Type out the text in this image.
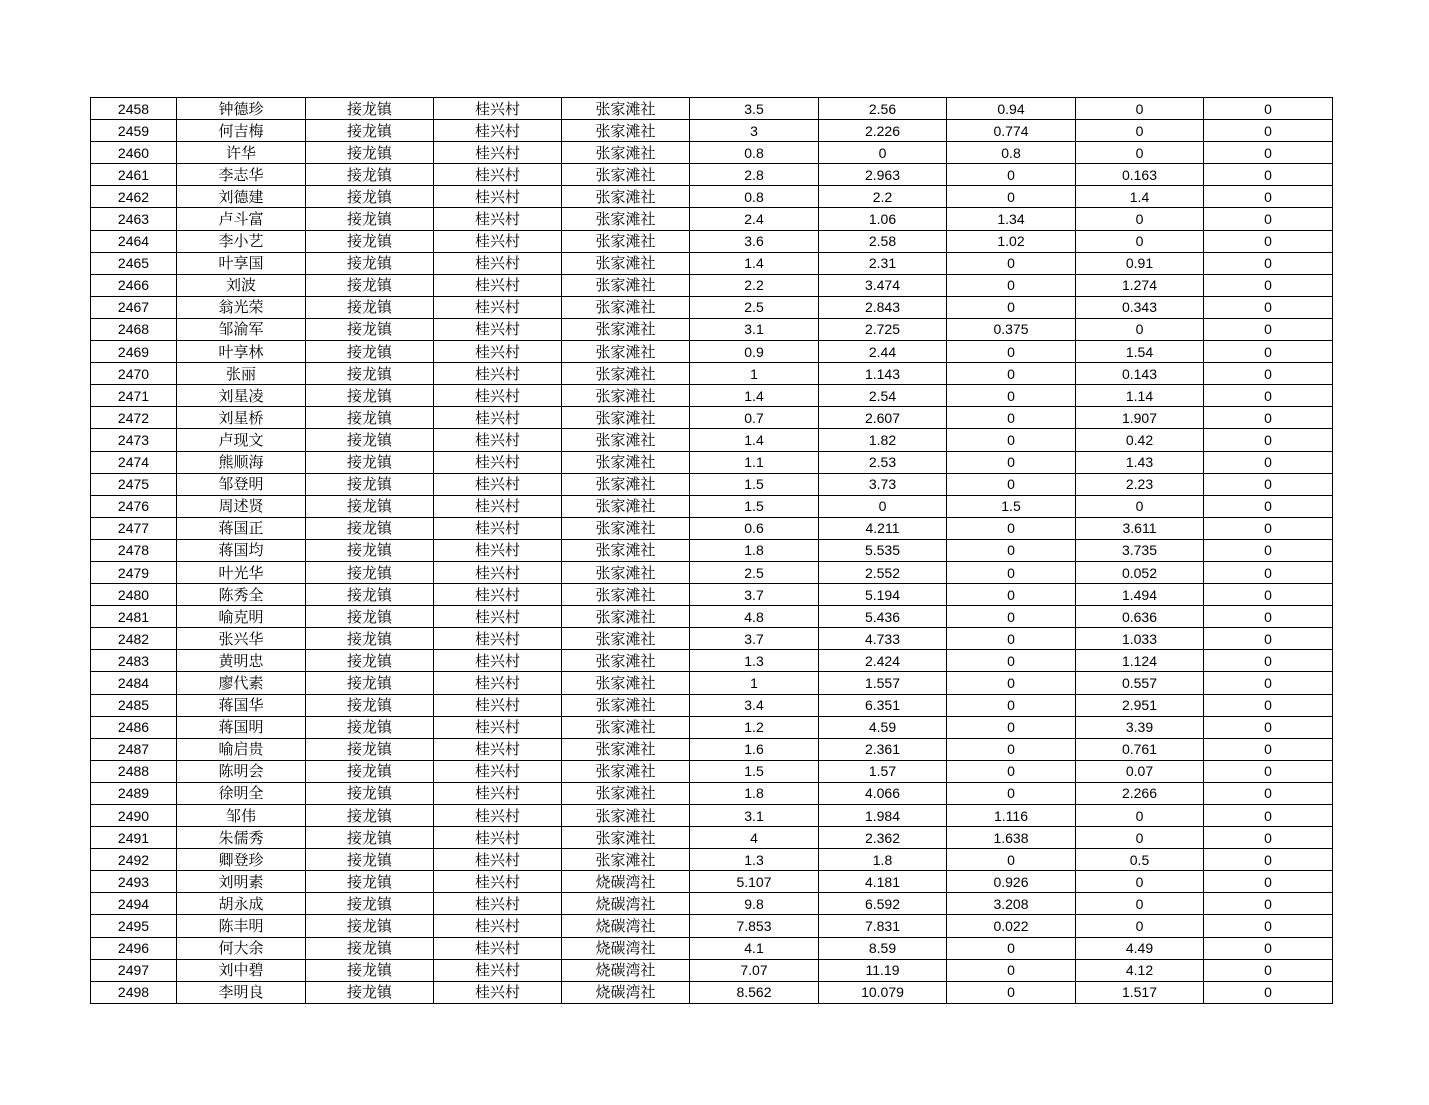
2458	钟德珍	接龙镇	桂兴村	张家滩社	3.5	2.56	0.94	0	0
2459	何吉梅	接龙镇	桂兴村	张家滩社	3	2.226	0.774	0	0
2460	许华	接龙镇	桂兴村	张家滩社	0.8	0	0.8	0	0
2461	李志华	接龙镇	桂兴村	张家滩社	2.8	2.963	0	0.163	0
2462	刘德建	接龙镇	桂兴村	张家滩社	0.8	2.2	0	1.4	0
2463	卢斗富	接龙镇	桂兴村	张家滩社	2.4	1.06	1.34	0	0
2464	李小艺	接龙镇	桂兴村	张家滩社	3.6	2.58	1.02	0	0
2465	叶享国	接龙镇	桂兴村	张家滩社	1.4	2.31	0	0.91	0
2466	刘波	接龙镇	桂兴村	张家滩社	2.2	3.474	0	1.274	0
2467	翁光荣	接龙镇	桂兴村	张家滩社	2.5	2.843	0	0.343	0
2468	邹渝军	接龙镇	桂兴村	张家滩社	3.1	2.725	0.375	0	0
2469	叶享林	接龙镇	桂兴村	张家滩社	0.9	2.44	0	1.54	0
2470	张丽	接龙镇	桂兴村	张家滩社	1	1.143	0	0.143	0
2471	刘星凌	接龙镇	桂兴村	张家滩社	1.4	2.54	0	1.14	0
2472	刘星桥	接龙镇	桂兴村	张家滩社	0.7	2.607	0	1.907	0
2473	卢现文	接龙镇	桂兴村	张家滩社	1.4	1.82	0	0.42	0
2474	熊顺海	接龙镇	桂兴村	张家滩社	1.1	2.53	0	1.43	0
2475	邹登明	接龙镇	桂兴村	张家滩社	1.5	3.73	0	2.23	0
2476	周述贤	接龙镇	桂兴村	张家滩社	1.5	0	1.5	0	0
2477	蒋国正	接龙镇	桂兴村	张家滩社	0.6	4.211	0	3.611	0
2478	蒋国均	接龙镇	桂兴村	张家滩社	1.8	5.535	0	3.735	0
2479	叶光华	接龙镇	桂兴村	张家滩社	2.5	2.552	0	0.052	0
2480	陈秀全	接龙镇	桂兴村	张家滩社	3.7	5.194	0	1.494	0
2481	喻克明	接龙镇	桂兴村	张家滩社	4.8	5.436	0	0.636	0
2482	张兴华	接龙镇	桂兴村	张家滩社	3.7	4.733	0	1.033	0
2483	黄明忠	接龙镇	桂兴村	张家滩社	1.3	2.424	0	1.124	0
2484	廖代素	接龙镇	桂兴村	张家滩社	1	1.557	0	0.557	0
2485	蒋国华	接龙镇	桂兴村	张家滩社	3.4	6.351	0	2.951	0
2486	蒋国明	接龙镇	桂兴村	张家滩社	1.2	4.59	0	3.39	0
2487	喻启贵	接龙镇	桂兴村	张家滩社	1.6	2.361	0	0.761	0
2488	陈明会	接龙镇	桂兴村	张家滩社	1.5	1.57	0	0.07	0
2489	徐明全	接龙镇	桂兴村	张家滩社	1.8	4.066	0	2.266	0
2490	邹伟	接龙镇	桂兴村	张家滩社	3.1	1.984	1.116	0	0
2491	朱儒秀	接龙镇	桂兴村	张家滩社	4	2.362	1.638	0	0
2492	卿登珍	接龙镇	桂兴村	张家滩社	1.3	1.8	0	0.5	0
2493	刘明素	接龙镇	桂兴村	烧碳湾社	5.107	4.181	0.926	0	0
2494	胡永成	接龙镇	桂兴村	烧碳湾社	9.8	6.592	3.208	0	0
2495	陈丰明	接龙镇	桂兴村	烧碳湾社	7.853	7.831	0.022	0	0
2496	何大余	接龙镇	桂兴村	烧碳湾社	4.1	8.59	0	4.49	0
2497	刘中碧	接龙镇	桂兴村	烧碳湾社	7.07	11.19	0	4.12	0
2498	李明良	接龙镇	桂兴村	烧碳湾社	8.562	10.079	0	1.517	0
